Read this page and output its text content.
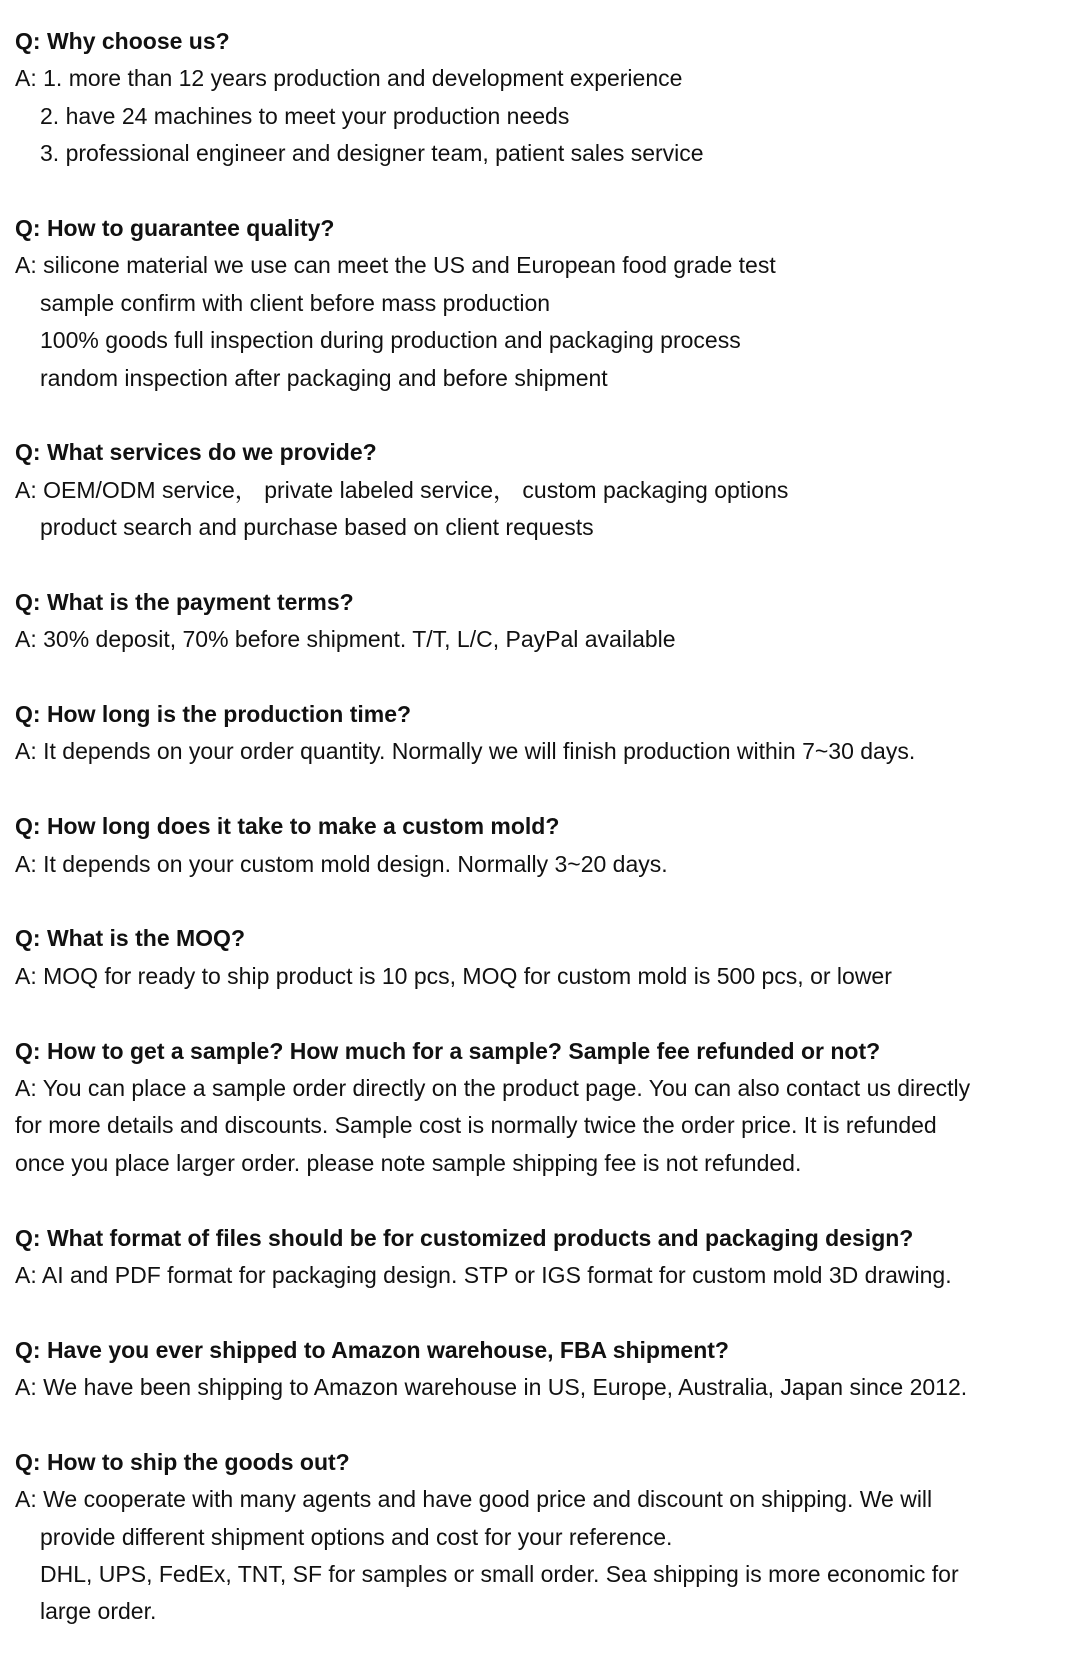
Q: Why choose us?
A: 1. more than 12 years production and development experience
2. have 24 machines to meet your production needs
3. professional engineer and designer team, patient sales service
Q: How to guarantee quality?
A: silicone material we use can meet the US and European food grade test
sample confirm with client before mass production
100% goods full inspection during production and packaging process
random inspection after packaging and before shipment
Q: What services do we provide?
A: OEM/ODM service， private labeled service， custom packaging options
product search and purchase based on client requests
Q: What is the payment terms?
A: 30% deposit, 70% before shipment. T/T, L/C, PayPal available
Q: How long is the production time?
A: It depends on your order quantity. Normally we will finish production within 7~30 days.
Q: How long does it take to make a custom mold?
A: It depends on your custom mold design. Normally 3~20 days.
Q: What is the MOQ?
A: MOQ for ready to ship product is 10 pcs, MOQ for custom mold is 500 pcs, or lower
Q: How to get a sample? How much for a sample? Sample fee refunded or not?
A: You can place a sample order directly on the product page. You can also contact us directly
for more details and discounts. Sample cost is normally twice the order price. It is refunded
once you place larger order. please note sample shipping fee is not refunded.
Q: What format of files should be for customized products and packaging design?
A: AI and PDF format for packaging design. STP or IGS format for custom mold 3D drawing.
Q: Have you ever shipped to Amazon warehouse, FBA shipment?
A: We have been shipping to Amazon warehouse in US, Europe, Australia, Japan since 2012.
Q: How to ship the goods out?
A: We cooperate with many agents and have good price and discount on shipping. We will
provide different shipment options and cost for your reference.
DHL, UPS, FedEx, TNT, SF for samples or small order. Sea shipping is more economic for
large order.
